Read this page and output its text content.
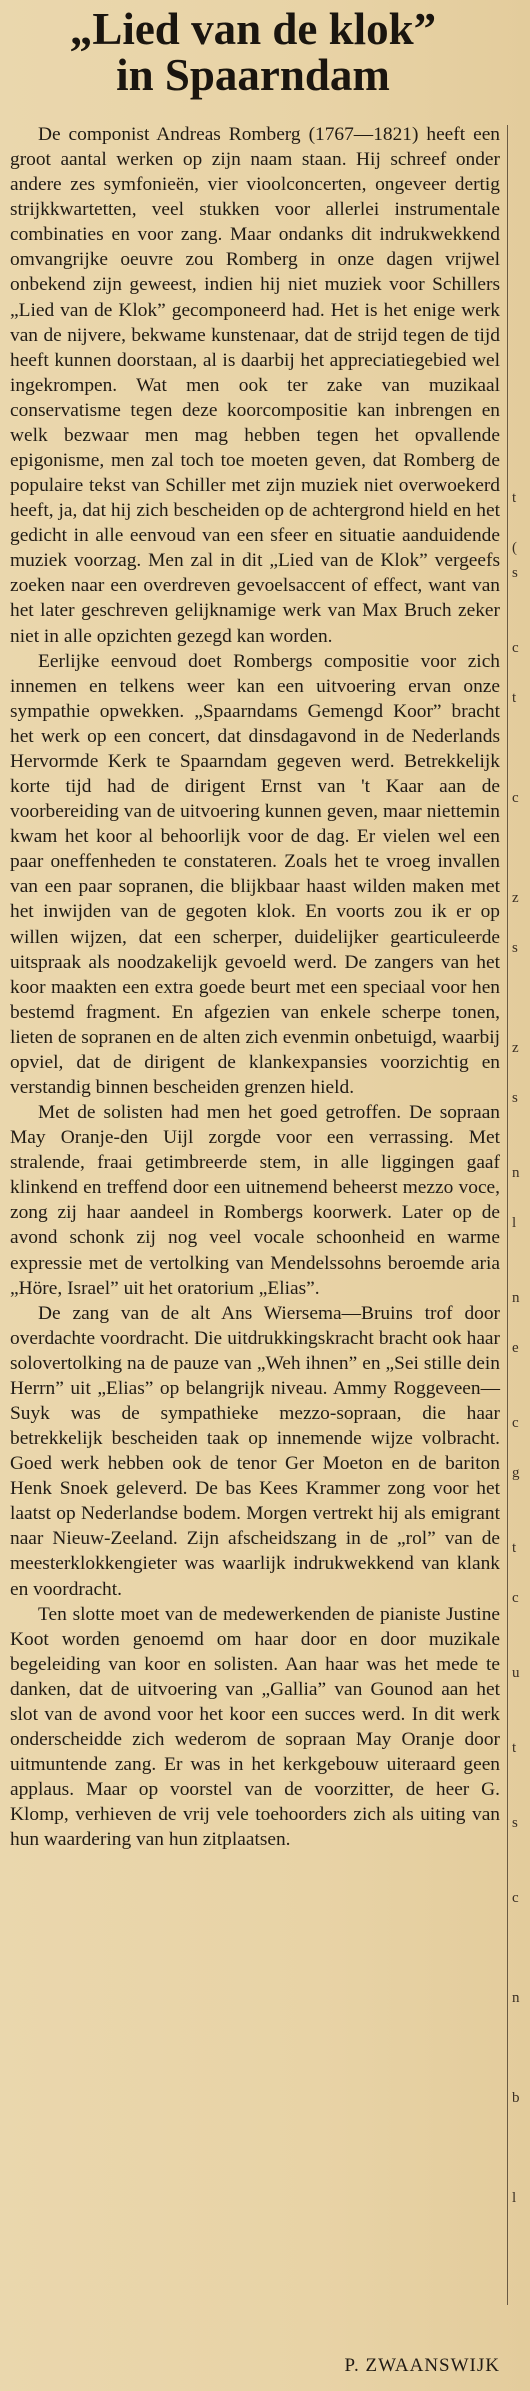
„Lied van de klok”
in Spaarndam

De componist Andreas Romberg (1767—1821) heeft een groot aantal werken op zijn naam staan. Hij schreef onder andere zes symfonieën, vier vioolconcerten, ongeveer dertig strijkkwartetten, veel stukken voor allerlei instrumentale combinaties en voor zang. Maar ondanks dit indrukwekkend omvangrijke oeuvre zou Romberg in onze dagen vrijwel onbekend zijn geweest, indien hij niet muziek voor Schillers „Lied van de Klok” gecomponeerd had. Het is het enige werk van de nijvere, bekwame kunstenaar, dat de strijd tegen de tijd heeft kunnen doorstaan, al is daarbij het appreciatiegebied wel ingekrompen. Wat men ook ter zake van muzikaal conservatisme tegen deze koorcompositie kan inbrengen en welk bezwaar men mag hebben tegen het opvallende epigonisme, men zal toch toe moeten geven, dat Romberg de populaire tekst van Schiller met zijn muziek niet overwoekerd heeft, ja, dat hij zich bescheiden op de achtergrond hield en het gedicht in alle eenvoud van een sfeer en situatie aanduidende muziek voorzag. Men zal in dit „Lied van de Klok” vergeefs zoeken naar een overdreven gevoelsaccent of effect, want van het later geschreven gelijknamige werk van Max Bruch zeker niet in alle opzichten gezegd kan worden.

Eerlijke eenvoud doet Rombergs compositie voor zich innemen en telkens weer kan een uitvoering ervan onze sympathie opwekken. „Spaarndams Gemengd Koor” bracht het werk op een concert, dat dinsdagavond in de Nederlands Hervormde Kerk te Spaarndam gegeven werd. Betrekkelijk korte tijd had de dirigent Ernst van 't Kaar aan de voorbereiding van de uitvoering kunnen geven, maar niettemin kwam het koor al behoorlijk voor de dag. Er vielen wel een paar oneffenheden te constateren. Zoals het te vroeg invallen van een paar sopranen, die blijkbaar haast wilden maken met het inwijden van de gegoten klok. En voorts zou ik er op willen wijzen, dat een scherper, duidelijker gearticuleerde uitspraak als noodzakelijk gevoeld werd. De zangers van het koor maakten een extra goede beurt met een speciaal voor hen bestemd fragment. En afgezien van enkele scherpe tonen, lieten de sopranen en de alten zich evenmin onbetuigd, waarbij opviel, dat de dirigent de klankexpansies voorzichtig en verstandig binnen bescheiden grenzen hield.

Met de solisten had men het goed getroffen. De sopraan May Oranje-den Uijl zorgde voor een verrassing. Met stralende, fraai getimbreerde stem, in alle liggingen gaaf klinkend en treffend door een uitnemend beheerst mezzo voce, zong zij haar aandeel in Rombergs koorwerk. Later op de avond schonk zij nog veel vocale schoonheid en warme expressie met de vertolking van Mendelssohns beroemde aria „Höre, Israel” uit het oratorium „Elias”.

De zang van de alt Ans Wiersema—Bruins trof door overdachte voordracht. Die uitdrukkingskracht bracht ook haar solovertolking na de pauze van „Weh ihnen” en „Sei stille dein Herrn” uit „Elias” op belangrijk niveau. Ammy Roggeveen—Suyk was de sympathieke mezzo-sopraan, die haar betrekkelijk bescheiden taak op innemende wijze volbracht. Goed werk hebben ook de tenor Ger Moeton en de bariton Henk Snoek geleverd. De bas Kees Krammer zong voor het laatst op Nederlandse bodem. Morgen vertrekt hij als emigrant naar Nieuw-Zeeland. Zijn afscheidszang in de „rol” van de meesterklokkengieter was waarlijk indrukwekkend van klank en voordracht.

Ten slotte moet van de medewerkenden de pianiste Justine Koot worden genoemd om haar door en door muzikale begeleiding van koor en solisten. Aan haar was het mede te danken, dat de uitvoering van „Gallia” van Gounod aan het slot van de avond voor het koor een succes werd. In dit werk onderscheidde zich wederom de sopraan May Oranje door uitmuntende zang. Er was in het kerkgebouw uiteraard geen applaus. Maar op voorstel van de voorzitter, de heer G. Klomp, verhieven de vrij vele toehoorders zich als uiting van hun waardering van hun zitplaatsen.

P. ZWAANSWIJK
t
(
s
c
t
c
z
s
z
s
n
l
n
e
c
g
t
c
u
t
s
c
n
b
l
